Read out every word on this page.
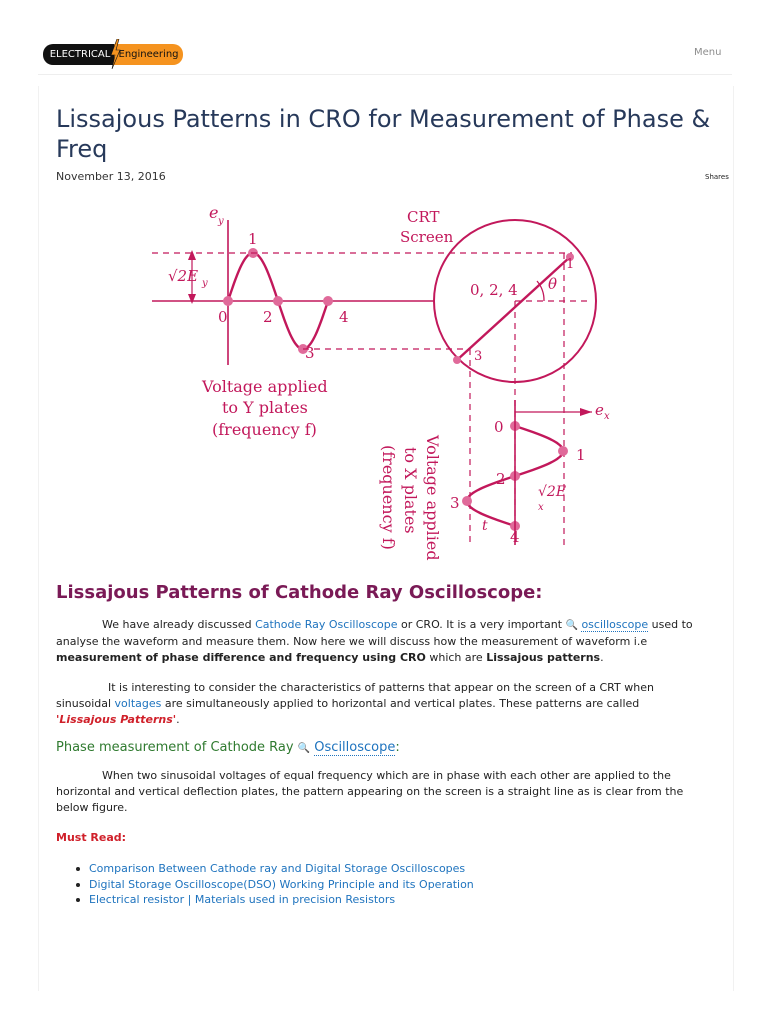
ELECTRICAL Engineering	Menu
Lissajous Patterns in CRO for Measurement of Phase & Freq
November 13, 2016	Shares
e y	CRT
Screen
√2E y
0
1
2
3
4
0, 2, 4 θ
1
3
Voltage applied
to Y plates
(frequency f)
e x
0
1
2
3
4
√2E
x
t
Voltage applied
to X plates
(frequency f)
Lissajous Patterns of Cathode Ray Oscilloscope:

We have already discussed Cathode Ray Oscilloscope or CRO. It is a very important 🔍 oscilloscope used to analyse the waveform and measure them. Now here we will discuss how the measurement of waveform i.e measurement of phase difference and frequency using CRO which are Lissajous patterns.

It is interesting to consider the characteristics of patterns that appear on the screen of a CRT when sinusoidal voltages are simultaneously applied to horizontal and vertical plates. These patterns are called 'Lissajous Patterns'.

Phase measurement of Cathode Ray 🔍 Oscilloscope:

When two sinusoidal voltages of equal frequency which are in phase with each other are applied to the horizontal and vertical deflection plates, the pattern appearing on the screen is a straight line as is clear from the below figure.

Must Read:
Comparison Between Cathode ray and Digital Storage Oscilloscopes
Digital Storage Oscilloscope(DSO) Working Principle and its Operation
Electrical resistor | Materials used in precision Resistors
